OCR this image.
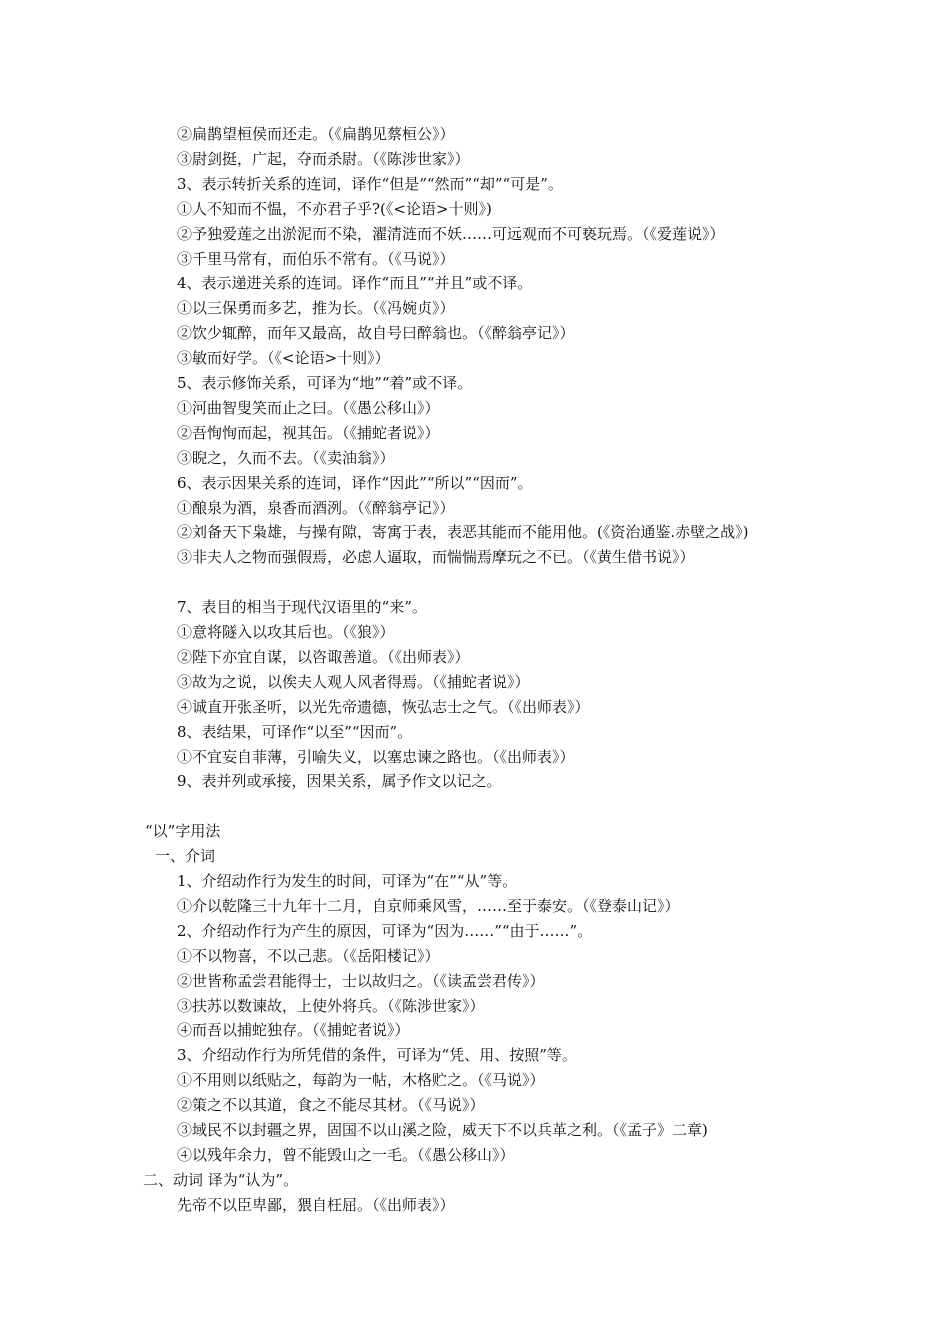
②扁鹊望桓侯而还走。（《扁鹊见蔡桓公》）
③尉剑挺，广起，夺而杀尉。（《陈涉世家》）
3、表示转折关系的连词，译作“但是”“然而”“却”“可是”。
①人不知而不愠，不亦君子乎?(《<论语>十则》)
②予独爱莲之出淤泥而不染，濯清涟而不妖……可远观而不可亵玩焉。（《爱莲说》）
③千里马常有，而伯乐不常有。（《马说》）
4、表示递进关系的连词。译作“而且”“并且”或不译。
①以三保勇而多艺，推为长。（《冯婉贞》）
②饮少辄醉，而年又最高，故自号曰醉翁也。（《醉翁亭记》）
③敏而好学。（《<论语>十则》）
5、表示修饰关系，可译为“地”“着”或不译。
①河曲智叟笑而止之曰。（《愚公移山》）
②吾恂恂而起，视其缶。（《捕蛇者说》）
③睨之，久而不去。（《卖油翁》）
6、表示因果关系的连词，译作“因此”“所以”“因而”。
①酿泉为酒，泉香而酒洌。（《醉翁亭记》）
②刘备天下枭雄，与操有隙，寄寓于表，表恶其能而不能用他。(《资治通鉴.赤壁之战》)
③非夫人之物而强假焉，必虑人逼取，而惴惴焉摩玩之不已。（《黄生借书说》）
7、表目的相当于现代汉语里的“来”。
①意将隧入以攻其后也。（《狼》）
②陛下亦宜自谋，以咨诹善道。（《出师表》）
③故为之说，以俟夫人观人风者得焉。（《捕蛇者说》）
④诚直开张圣听，以光先帝遗德，恢弘志士之气。（《出师表》）
8、表结果，可译作“以至”“因而”。
①不宜妄自菲薄，引喻失义，以塞忠谏之路也。（《出师表》）
9、表并列或承接，因果关系，属予作文以记之。
“以”字用法
一、介词
1、介绍动作行为发生的时间，可译为“在”“从”等。
①介以乾隆三十九年十二月，自京师乘风雪，……至于泰安。（《登泰山记》）
2、介绍动作行为产生的原因，可译为“因为……”“由于……”。
①不以物喜，不以己悲。（《岳阳楼记》）
②世皆称孟尝君能得士，士以故归之。（《读孟尝君传》）
③扶苏以数谏故，上使外将兵。（《陈涉世家》）
④而吾以捕蛇独存。（《捕蛇者说》）
3、介绍动作行为所凭借的条件，可译为“凭、用、按照”等。
①不用则以纸贴之，每韵为一帖，木格贮之。（《马说》）
②策之不以其道，食之不能尽其材。（《马说》）
③域民不以封疆之界，固国不以山溪之险，威天下不以兵革之利。（《孟子》二章)
④以残年余力，曾不能毁山之一毛。（《愚公移山》）
二、动词 译为“认为”。
先帝不以臣卑鄙，猥自枉屈。（《出师表》）
